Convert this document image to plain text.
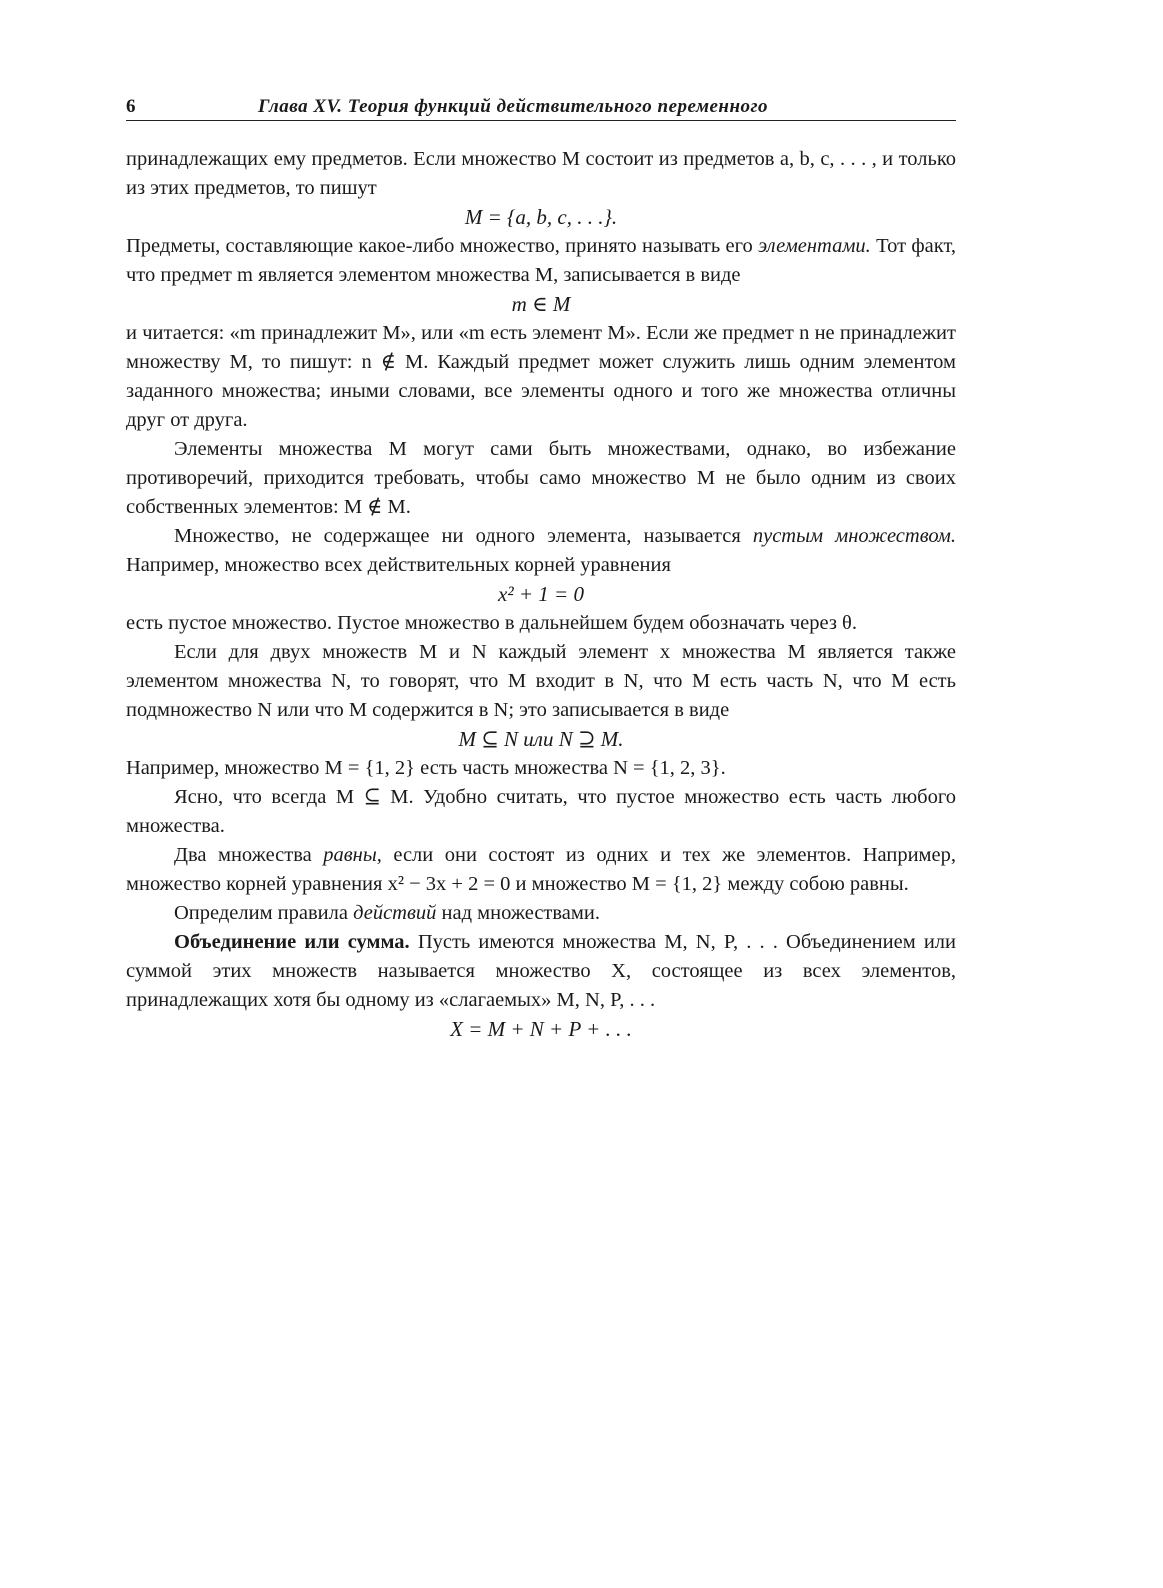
6	Глава XV. Теория функций действительного переменного

принадлежащих ему предметов. Если множество M состоит из предметов a, b, c, . . . , и только из этих предметов, то пишут

M = {a, b, c, . . .}.

Предметы, составляющие какое-либо множество, принято называть его элементами. Тот факт, что предмет m является элементом множества M, записывается в виде

m ∈ M

и читается: «m принадлежит M», или «m есть элемент M». Если же предмет n не принадлежит множеству M, то пишут: n ∉ M. Каждый предмет может служить лишь одним элементом заданного множества; иными словами, все элементы одного и того же множества отличны друг от друга.

Элементы множества M могут сами быть множествами, однако, во избежание противоречий, приходится требовать, чтобы само множество M не было одним из своих собственных элементов: M ∉ M.

Множество, не содержащее ни одного элемента, называется пустым множеством. Например, множество всех действительных корней уравнения

x² + 1 = 0

есть пустое множество. Пустое множество в дальнейшем будем обозначать через θ.

Если для двух множеств M и N каждый элемент x множества M является также элементом множества N, то говорят, что M входит в N, что M есть часть N, что M есть подмножество N или что M содержится в N; это записывается в виде

M ⊆ N или N ⊇ M.

Например, множество M = {1, 2} есть часть множества N = {1, 2, 3}.

Ясно, что всегда M ⊆ M. Удобно считать, что пустое множество есть часть любого множества.

Два множества равны, если они состоят из одних и тех же элементов. Например, множество корней уравнения x² − 3x + 2 = 0 и множество M = {1, 2} между собою равны.

Определим правила действий над множествами.

Объединение или сумма. Пусть имеются множества M, N, P, . . . Объединением или суммой этих множеств называется множество X, состоящее из всех элементов, принадлежащих хотя бы одному из «слагаемых» M, N, P, . . .

X = M + N + P + . . .
